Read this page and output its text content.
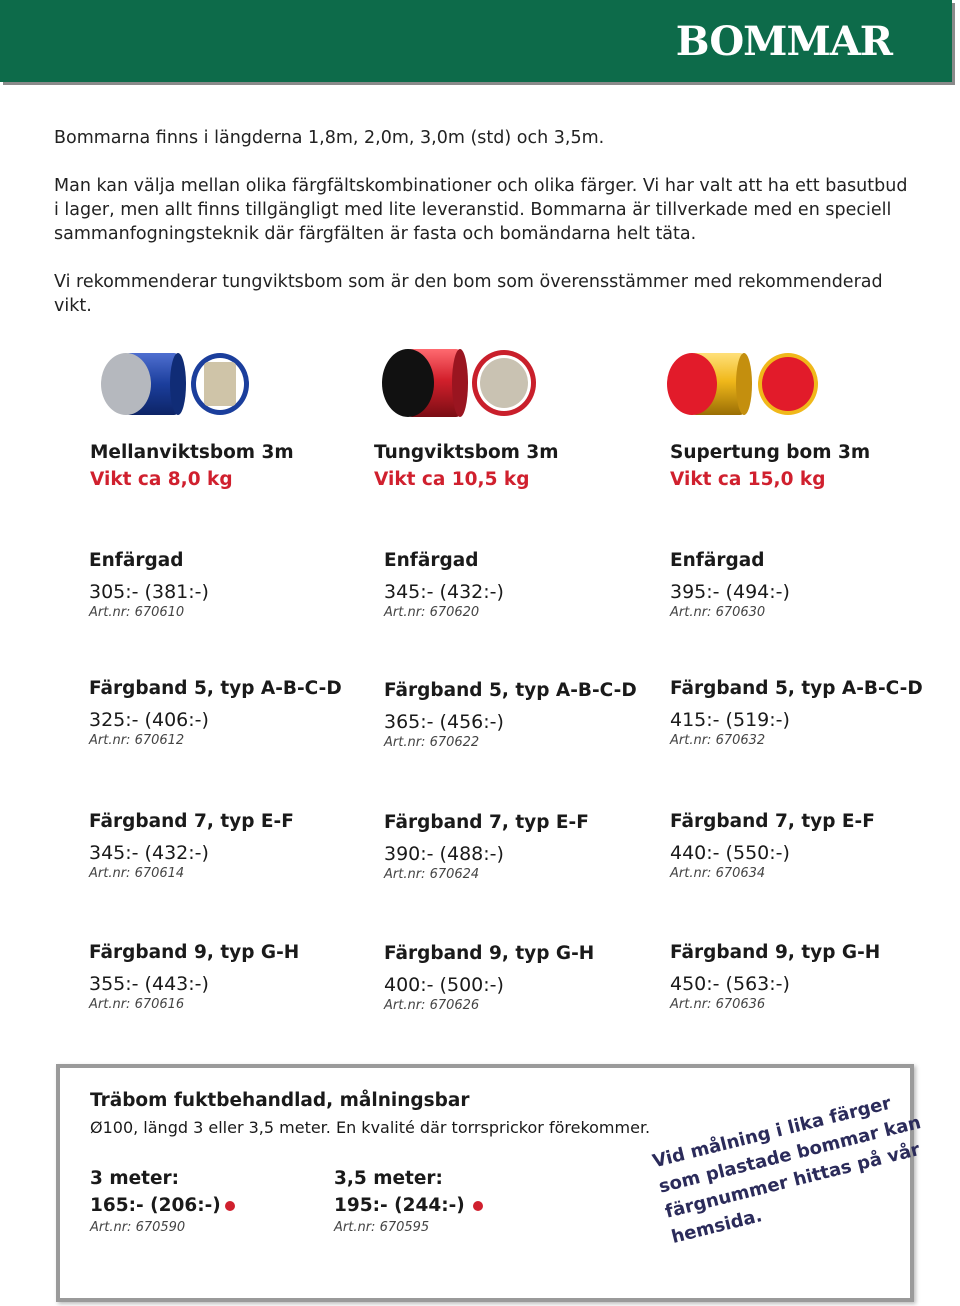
BOMMAR
Bommarna finns i längderna 1,8m, 2,0m, 3,0m (std) och 3,5m.
Man kan välja mellan olika färgfältskombinationer och olika färger. Vi har valt att ha ett basutbud i lager, men allt finns tillgängligt med lite leveranstid. Bommarna är tillverkade med en speciell sammanfogningsteknik där färgfälten är fasta och bomändarna helt täta.
Vi rekommenderar tungviktsbom som är den bom som överensstämmer med rekommenderad vikt.
Mellanviktsbom 3m
Vikt ca 8,0 kg
Tungviktsbom 3m
Vikt ca 10,5 kg
Supertung bom 3m
Vikt ca 15,0 kg
Enfärgad
305:- (381:-)
Art.nr: 670610
Enfärgad
345:- (432:-)
Art.nr: 670620
Enfärgad
395:- (494:-)
Art.nr: 670630
Färgband 5, typ A-B-C-D
325:- (406:-)
Art.nr: 670612
Färgband 5, typ A-B-C-D
365:- (456:-)
Art.nr: 670622
Färgband 5, typ A-B-C-D
415:- (519:-)
Art.nr: 670632
Färgband 7, typ E-F
345:- (432:-)
Art.nr: 670614
Färgband 7, typ E-F
390:- (488:-)
Art.nr: 670624
Färgband 7, typ E-F
440:- (550:-)
Art.nr: 670634
Färgband 9, typ G-H
355:- (443:-)
Art.nr: 670616
Färgband 9, typ G-H
400:- (500:-)
Art.nr: 670626
Färgband 9, typ G-H
450:- (563:-)
Art.nr: 670636
Träbom fuktbehandlad, målningsbar
Ø100, längd 3 eller 3,5 meter. En kvalité där torrsprickor förekommer.
3 meter:
165:- (206:-)
Art.nr: 670590
3,5 meter:
195:- (244:-)
Art.nr: 670595
Vid målning i lika färger som plastade bommar kan färgnummer hittas på vår hemsida.
